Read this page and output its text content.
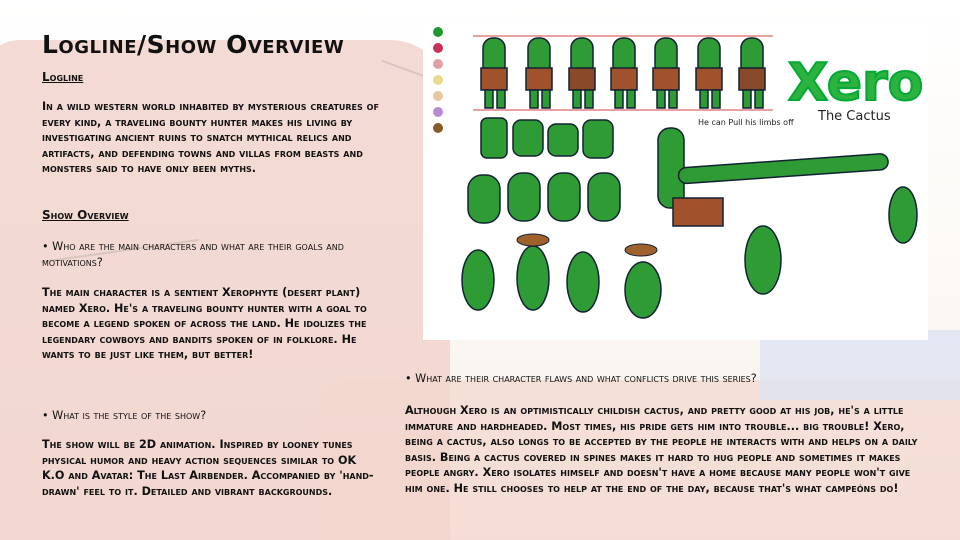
Logline/Show Overview
Logline

In a wild western world inhabited by mysterious creatures of every kind, a traveling bounty hunter makes his living by investigating ancient ruins to snatch mythical relics and artifacts, and defending towns and villas from beasts and monsters said to have only been myths.

Show Overview

• Who are the main characters and what are their goals and motivations?

The main character is a sentient Xerophyte (desert plant) named Xero. He's a traveling bounty hunter with a goal to become a legend spoken of across the land. He idolizes the legendary cowboys and bandits spoken of in folklore. He wants to be just like them, but better!

• What is the style of the show?

The show will be 2D animation. Inspired by looney tunes physical humor and heavy action sequences similar to OK K.O and Avatar: The Last Airbender. Accompanied by 'hand-drawn' feel to it. Detailed and vibrant backgrounds.

• What are their character flaws and what conflicts drive this series?

Although Xero is an optimistically childish cactus, and pretty good at his job, he's a little immature and hardheaded. Most times, his pride gets him into trouble... big trouble! Xero, being a cactus, also longs to be accepted by the people he interacts with and helps on a daily basis. Being a cactus covered in spines makes it hard to hug people and sometimes it makes people angry. Xero isolates himself and doesn't have a home because many people won't give him one. He still chooses to help at the end of the day, because that's what campeóns do!

Xero
The Cactus
He can Pull his limbs off
